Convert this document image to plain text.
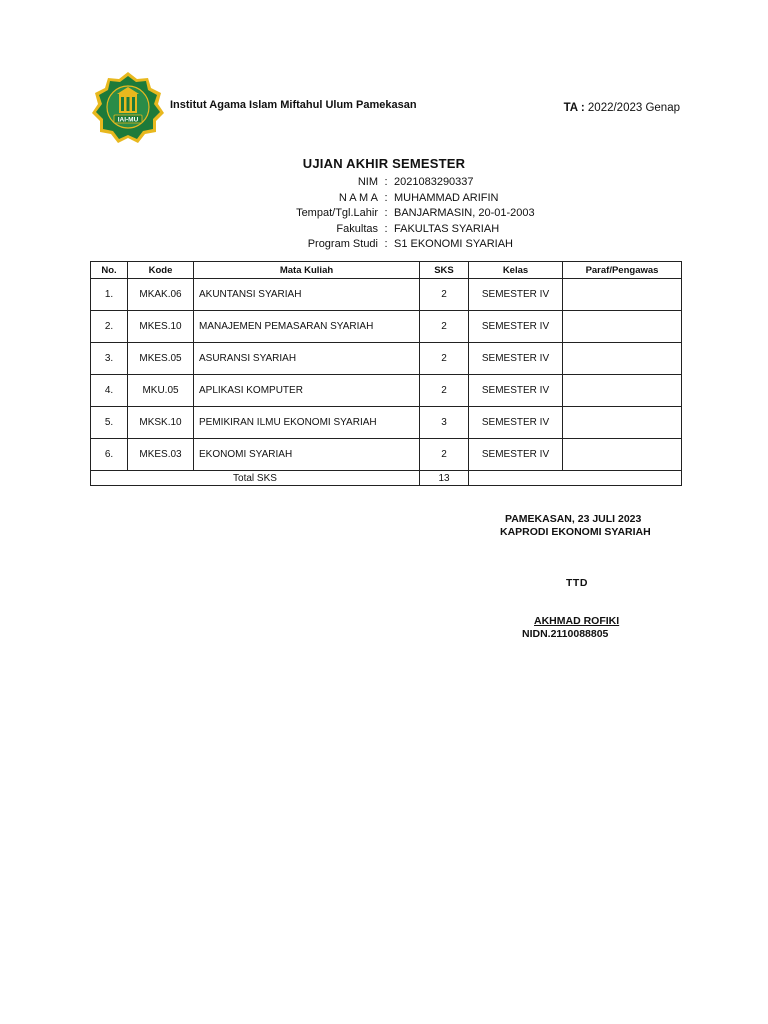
IAI-MU
Institut Agama Islam Miftahul Ulum Pamekasan	TA : 2022/2023 Genap
UJIAN AKHIR SEMESTER
NIM	:	2021083290337
N A M A	:	MUHAMMAD ARIFIN
Tempat/Tgl.Lahir	:	BANJARMASIN, 20-01-2003
Fakultas	:	FAKULTAS SYARIAH
Program Studi	:	S1 EKONOMI SYARIAH
No.	Kode	Mata Kuliah	SKS	Kelas	Paraf/Pengawas
1.	MKAK.06	AKUNTANSI SYARIAH	2	SEMESTER IV	
2.	MKES.10	MANAJEMEN PEMASARAN SYARIAH	2	SEMESTER IV	
3.	MKES.05	ASURANSI SYARIAH	2	SEMESTER IV	
4.	MKU.05	APLIKASI KOMPUTER	2	SEMESTER IV	
5.	MKSK.10	PEMIKIRAN ILMU EKONOMI SYARIAH	3	SEMESTER IV	
6.	MKES.03	EKONOMI SYARIAH	2	SEMESTER IV	
Total SKS			13		
PAMEKASAN, 23 JULI 2023
KAPRODI EKONOMI SYARIAH
TTD
AKHMAD ROFIKI
NIDN.2110088805
